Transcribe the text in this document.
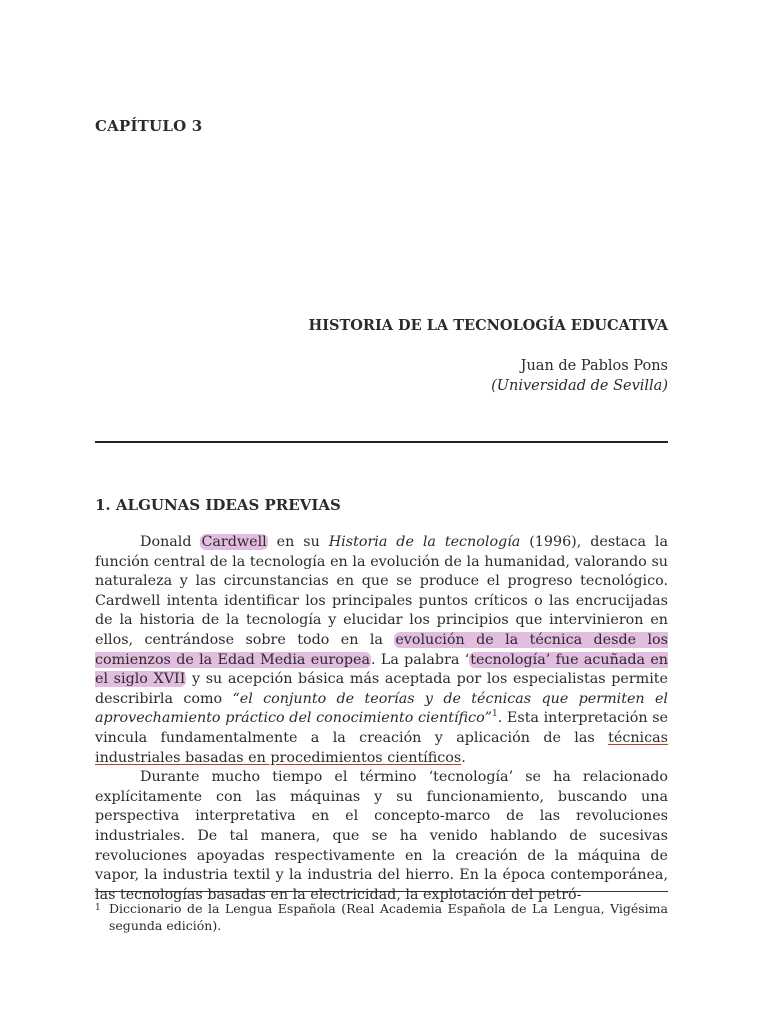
CAPÍTULO 3
HISTORIA DE LA TECNOLOGÍA EDUCATIVA
Juan de Pablos Pons
(Universidad de Sevilla)
1. ALGUNAS IDEAS PREVIAS

Donald Cardwell en su Historia de la tecnología (1996), destaca la función central de la tecnología en la evolución de la humanidad, valorando su naturaleza y las circunstancias en que se produce el progreso tecnológico. Cardwell intenta identificar los principales puntos críticos o las encrucijadas de la historia de la tecnología y elucidar los principios que intervinieron en ellos, centrándose sobre todo en la evolución de la técnica desde los comienzos de la Edad Media europea. La palabra ‘tecnología’ fue acuñada en el siglo XVII y su acepción básica más aceptada por los especialistas permite describirla como “el conjunto de teorías y de técnicas que permiten el aprovechamiento práctico del conocimiento científico”$^1$. Esta interpretación se vincula fundamentalmente a la creación y aplicación de las técnicas industriales basadas en procedimientos científicos.

Durante mucho tiempo el término ‘tecnología’ se ha relacionado explícitamente con las máquinas y su funcionamiento, buscando una perspectiva interpretativa en el concepto-marco de las revoluciones industriales. De tal manera, que se ha venido hablando de sucesivas revoluciones apoyadas respectivamente en la creación de la máquina de vapor, la industria textil y la industria del hierro. En la época contemporánea, las tecnologías basadas en la electricidad, la explotación del petró-

1 Diccionario de la Lengua Española (Real Academia Española de La Lengua, Vigésima segunda edición).
